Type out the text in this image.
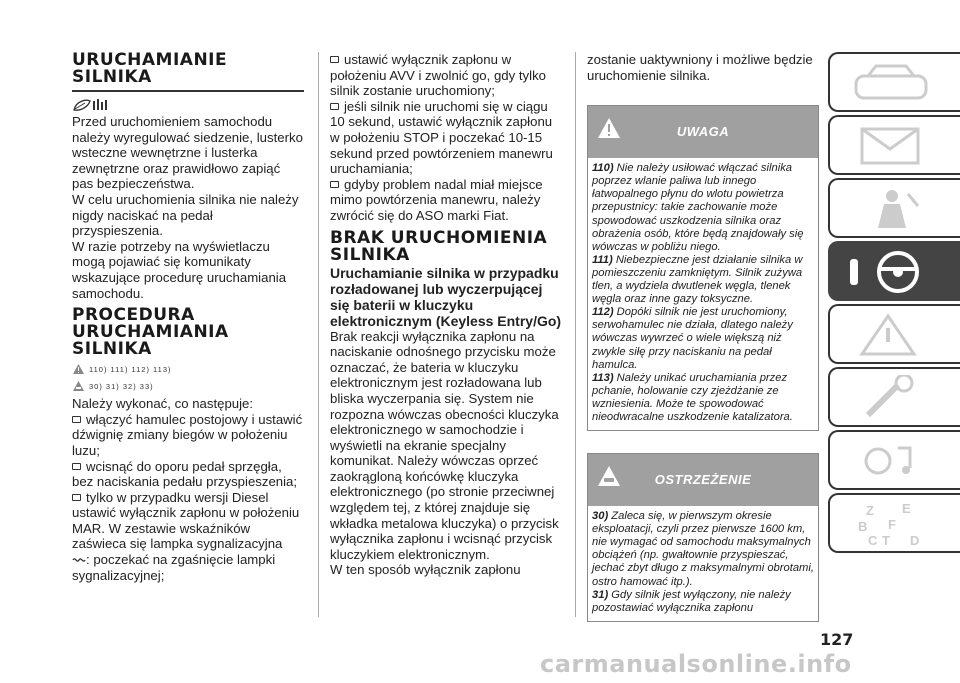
URUCHAMIANIE
SILNIKA

Przed uruchomieniem samochodu należy wyregulować siedzenie, lusterko wsteczne wewnętrzne i lusterka zewnętrzne oraz prawidłowo zapiąć pas bezpieczeństwa.

W celu uruchomienia silnika nie należy nigdy naciskać na pedał przyspieszenia.

W razie potrzeby na wyświetlaczu mogą pojawiać się komunikaty wskazujące procedurę uruchamiania samochodu.

PROCEDURA
URUCHAMIANIA SILNIKA
110) 111) 112) 113)
30) 31) 32) 33)

Należy wykonać, co następuje:

włączyć hamulec postojowy i ustawić dźwignię zmiany biegów w położeniu luzu;

wcisnąć do oporu pedał sprzęgła, bez naciskania pedału przyspieszenia;

tylko w przypadku wersji Diesel ustawić wyłącznik zapłonu w położeniu MAR. W zestawie wskaźników zaświeca się lampka sygnalizacyjna
: poczekać na zgaśnięcie lampki sygnalizacyjnej;

ustawić wyłącznik zapłonu w położeniu AVV i zwolnić go, gdy tylko silnik zostanie uruchomiony;

jeśli silnik nie uruchomi się w ciągu 10 sekund, ustawić wyłącznik zapłonu w położeniu STOP i poczekać 10-15 sekund przed powtórzeniem manewru uruchamiania;

gdyby problem nadal miał miejsce mimo powtórzenia manewru, należy zwrócić się do ASO marki Fiat.

BRAK URUCHOMIENIA
SILNIKA

Uruchamianie silnika w przypadku rozładowanej lub wyczerpującej się baterii w kluczyku elektronicznym (Keyless Entry/Go)

Brak reakcji wyłącznika zapłonu na naciskanie odnośnego przycisku może oznaczać, że bateria w kluczyku elektronicznym jest rozładowana lub bliska wyczerpania się. System nie rozpozna wówczas obecności kluczyka elektronicznego w samochodzie i wyświetli na ekranie specjalny komunikat. Należy wówczas oprzeć zaokrągloną końcówkę kluczyka elektronicznego (po stronie przeciwnej względem tej, z której znajduje się wkładka metalowa kluczyka) o przycisk wyłącznika zapłonu i wcisnąć przycisk kluczykiem elektronicznym.

W ten sposób wyłącznik zapłonu

zostanie uaktywniony i możliwe będzie uruchomienie silnika.

UWAGA

110) Nie należy usiłować włączać silnika poprzez wlanie paliwa lub innego łatwopalnego płynu do wlotu powietrza przepustnicy: takie zachowanie może spowodować uszkodzenia silnika oraz obrażenia osób, które będą znajdowały się wówczas w pobliżu niego.

111) Niebezpieczne jest działanie silnika w pomieszczeniu zamkniętym. Silnik zużywa tlen, a wydziela dwutlenek węgla, tlenek węgla oraz inne gazy toksyczne.

112) Dopóki silnik nie jest uruchomiony, serwohamulec nie działa, dlatego należy wówczas wywrzeć o wiele większą niż zwykle siłę przy naciskaniu na pedał hamulca.

113) Należy unikać uruchamiania przez pchanie, holowanie czy zjeżdżanie ze wzniesienia. Może te spowodować nieodwracalne uszkodzenie katalizatora.

OSTRZEŻENIE

30) Zaleca się, w pierwszym okresie eksploatacji, czyli przez pierwsze 1600 km, nie wymagać od samochodu maksymalnych obciążeń (np. gwałtownie przyspieszać, jechać zbyt długo z maksymalnymi obrotami, ostro hamować itp.).

31) Gdy silnik jest wyłączony, nie należy pozostawiać wyłącznika zapłonu

Z E
B F
C T D
127
carmanualsonline.info
